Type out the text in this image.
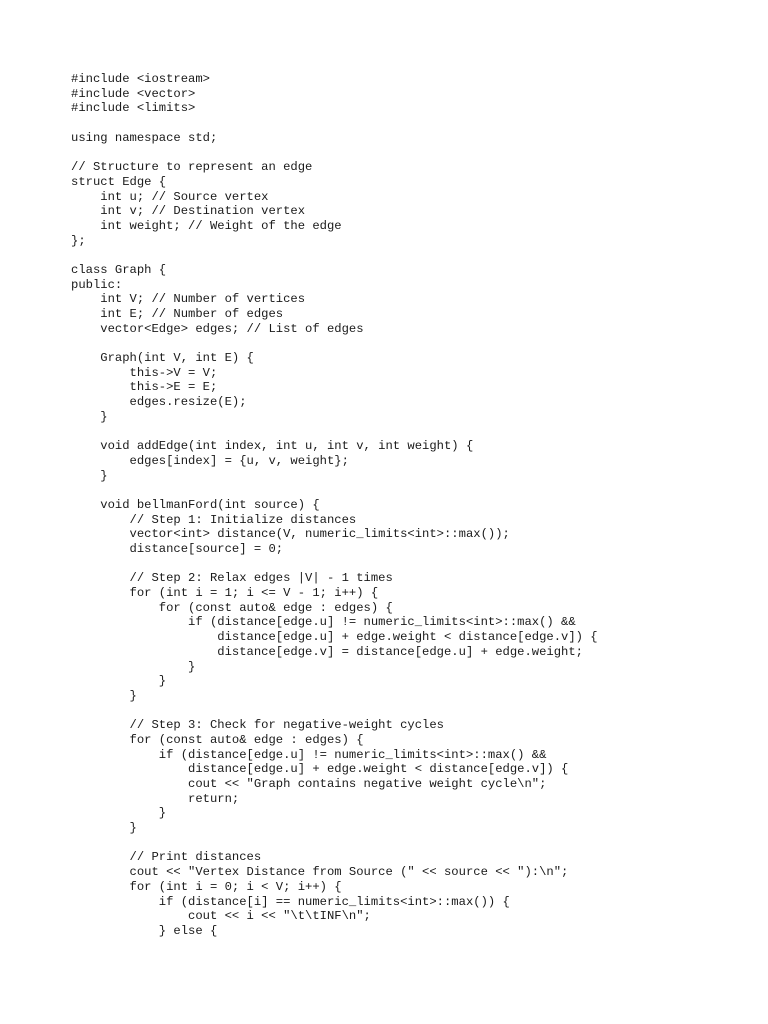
#include <iostream>
#include <vector>
#include <limits>
using namespace std;
// Structure to represent an edge
struct Edge {
int u; // Source vertex
int v; // Destination vertex
int weight; // Weight of the edge
};
class Graph {
public:
int V; // Number of vertices
int E; // Number of edges
vector<Edge> edges; // List of edges
Graph(int V, int E) {
this->V = V;
this->E = E;
edges.resize(E);
}
void addEdge(int index, int u, int v, int weight) {
edges[index] = {u, v, weight};
}
void bellmanFord(int source) {
// Step 1: Initialize distances
vector<int> distance(V, numeric_limits<int>::max());
distance[source] = 0;
// Step 2: Relax edges |V| - 1 times
for (int i = 1; i <= V - 1; i++) {
for (const auto& edge : edges) {
if (distance[edge.u] != numeric_limits<int>::max() &&
distance[edge.u] + edge.weight < distance[edge.v]) {
distance[edge.v] = distance[edge.u] + edge.weight;
}
}
}
// Step 3: Check for negative-weight cycles
for (const auto& edge : edges) {
if (distance[edge.u] != numeric_limits<int>::max() &&
distance[edge.u] + edge.weight < distance[edge.v]) {
cout << "Graph contains negative weight cycle\n";
return;
}
}
// Print distances
cout << "Vertex Distance from Source (" << source << "):\n";
for (int i = 0; i < V; i++) {
if (distance[i] == numeric_limits<int>::max()) {
cout << i << "\t\tINF\n";
} else {
